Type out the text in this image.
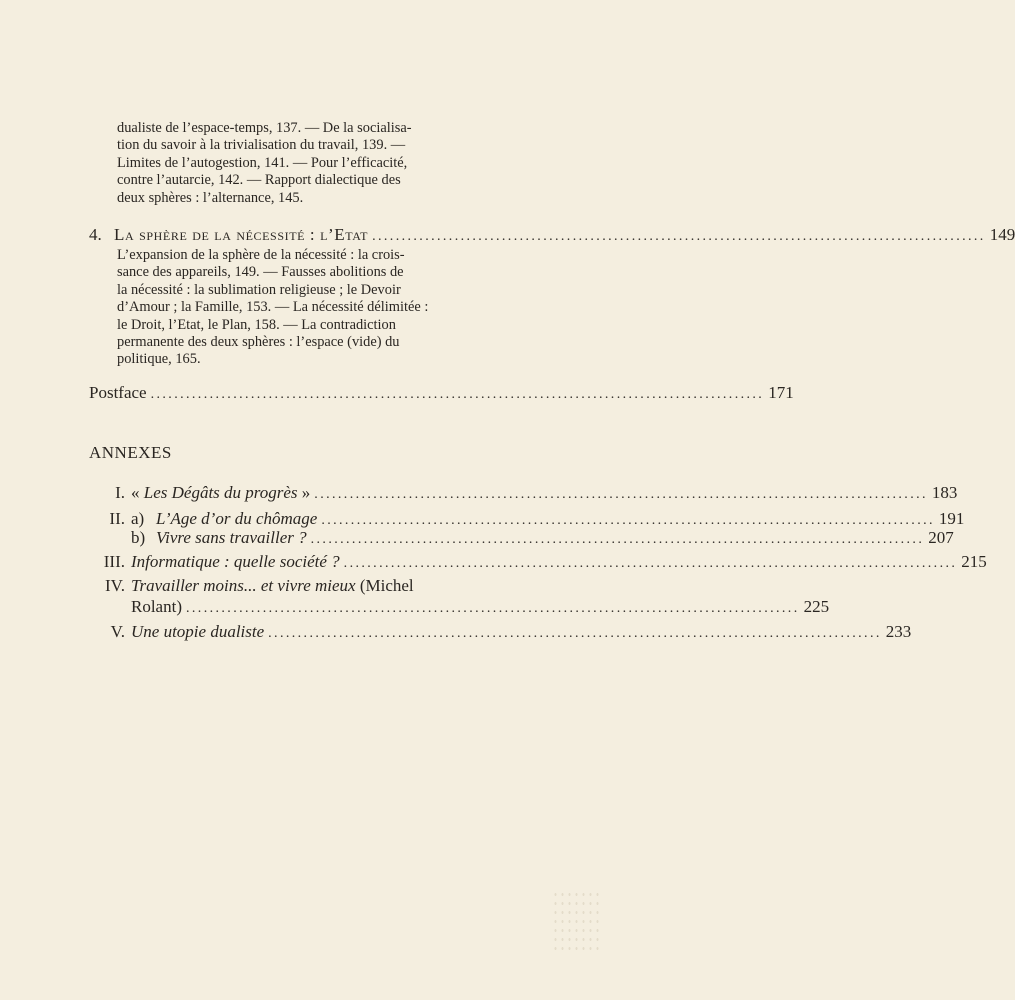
dualiste de l’espace-temps, 137. — De la socialisa-
tion du savoir à la trivialisation du travail, 139. —
Limites de l’autogestion, 141. — Pour l’efficacité,
contre l’autarcie, 142. — Rapport dialectique des
deux sphères : l’alternance, 145.
4. La sphère de la nécessité : l’Etat ........................................................................................................ 149
L’expansion de la sphère de la nécessité : la crois-
sance des appareils, 149. — Fausses abolitions de
la nécessité : la sublimation religieuse ; le Devoir
d’Amour ; la Famille, 153. — La nécessité délimitée :
le Droit, l’Etat, le Plan, 158. — La contradiction
permanente des deux sphères : l’espace (vide) du
politique, 165.
Postface ........................................................................................................ 171
ANNEXES
I. « Les Dégâts du progrès » ........................................................................................................ 183
II. a) L’Age d’or du chômage ........................................................................................................ 191
b) Vivre sans travailler ? ........................................................................................................ 207
III. Informatique : quelle société ? ........................................................................................................ 215
IV. Travailler moins... et vivre mieux (Michel
Rolant) ........................................................................................................ 225
V. Une utopie dualiste ........................................................................................................ 233
